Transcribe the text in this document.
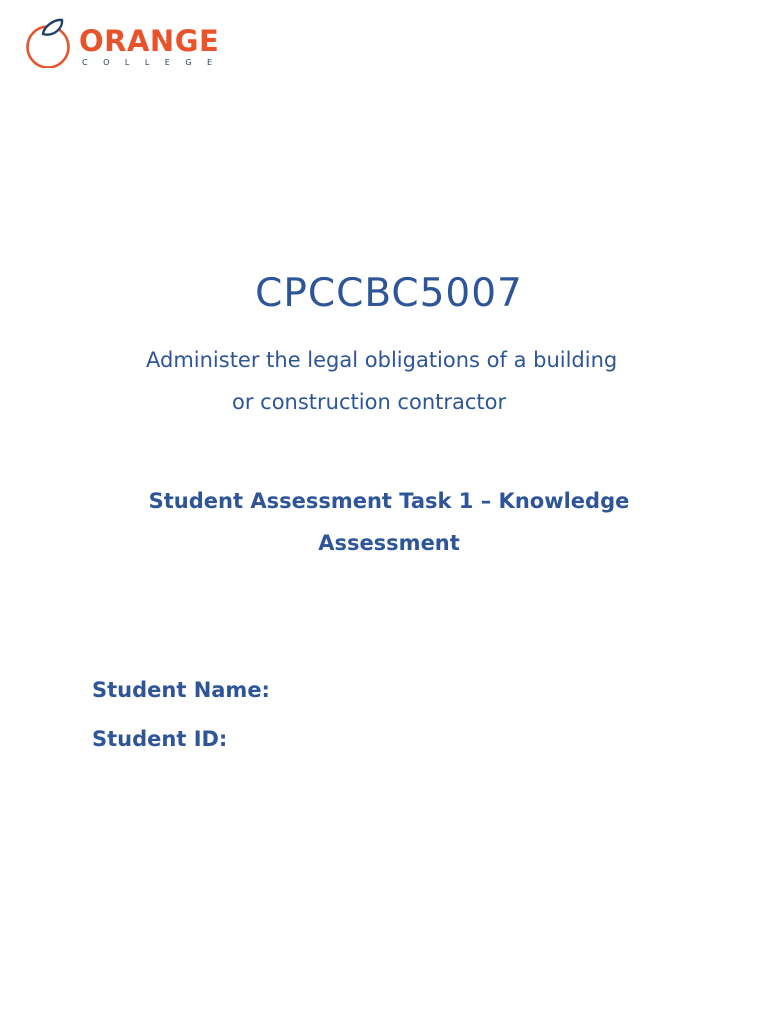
ORANGE
COLLEGE
CPCCBC5007
Administer the legal obligations of a building
or construction contractor
Student Assessment Task 1 – Knowledge
Assessment
Student Name:
Student ID:
